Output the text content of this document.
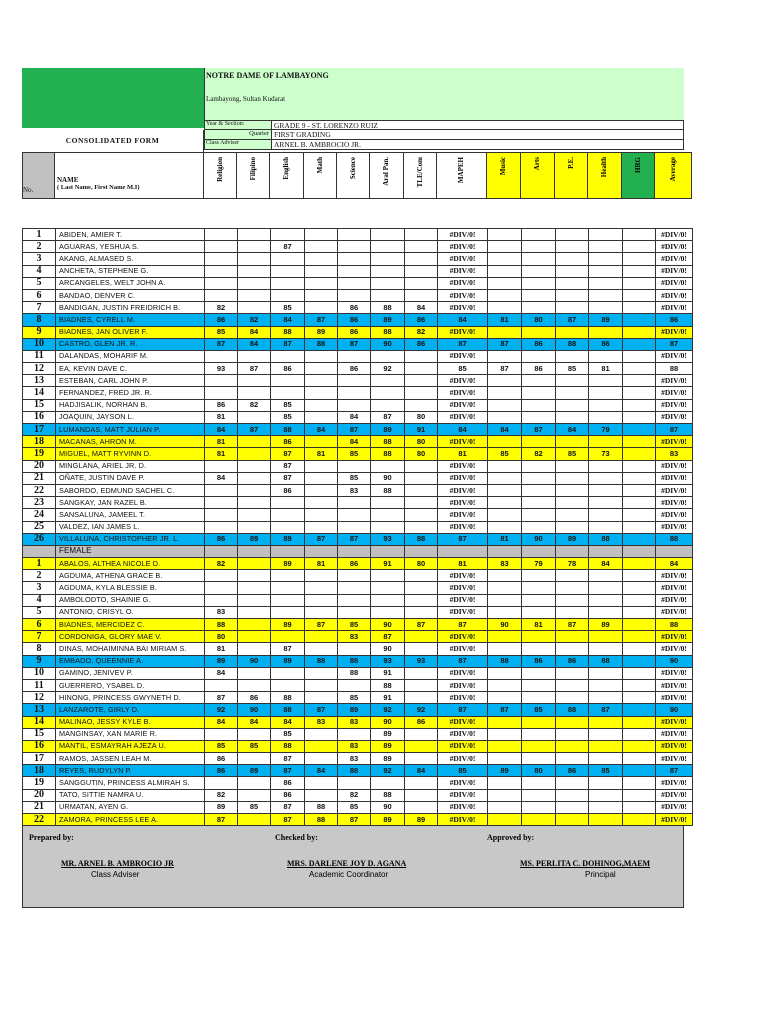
NOTRE DAME OF LAMBAYONG
Lambayong, Sultan Kudarat
Year & Section:	GRADE 9 - ST. LORENZO RUIZ
Quarter FIRST GRADING
Class Adviser	ARNEL B. AMBROCIO JR.
CONSOLIDATED FORM
No.
NAME
( Last Name, First Name M.I)
Religion	Filipino	English	Math	Science	Aral Pan.	TLE/Com	MAPEH	Music	Arts	P.E.	Health	HRG	Average
1	ABIDEN, AMIER T.								#DIV/0!						#DIV/0!
2	AGUARAS, YESHUA S.			87					#DIV/0!						#DIV/0!
3	AKANG, ALMASED S.								#DIV/0!						#DIV/0!
4	ANCHETA, STEPHENE G.								#DIV/0!						#DIV/0!
5	ARCANGELES, WELT JOHN A.								#DIV/0!						#DIV/0!
6	BANDAO, DENVER C.								#DIV/0!						#DIV/0!
7	BANDIGAN, JUSTIN FREIDRICH B.	82		85		86	88	84	#DIV/0!						#DIV/0!
8	BIADNES, CYRELL M.	86	82	84	87	86	89	86	84	81	80	87	89		86
9	BIADNES, JAN OLIVER F.	85	84	88	89	86	88	82	#DIV/0!						#DIV/0!
10	CASTRO, GLEN JR. R.	87	84	87	88	87	90	86	87	87	86	88	86		87
11	DALANDAS, MOHARIF M.								#DIV/0!						#DIV/0!
12	EA, KEVIN DAVE C.	93	87	86		86	92		85	87	86	85	81		88
13	ESTEBAN, CARL JOHN P.								#DIV/0!						#DIV/0!
14	FERNANDEZ, FRED JR. R.								#DIV/0!						#DIV/0!
15	HADJISALIK, NORHAN B.	86	82	85					#DIV/0!						#DIV/0!
16	JOAQUIN, JAYSON L.	81		85		84	87	80	#DIV/0!						#DIV/0!
17	LUMANDAS, MATT JULIAN P.	84	87	88	84	87	89	91	84	84	87	84	79		87
18	MACANAS, AHRON M.	81		86		84	88	80	#DIV/0!						#DIV/0!
19	MIGUEL, MATT RYVINN D.	81		87	81	85	88	80	81	85	82	85	73		83
20	MINGLANA, ARIEL JR. D.			87					#DIV/0!						#DIV/0!
21	OÑATE, JUSTIN DAVE P.	84		87		85	90		#DIV/0!						#DIV/0!
22	SABORDO, EDMUND SACHEL C.			86		83	88		#DIV/0!						#DIV/0!
23	SANGKAY, JAN RAZEL B.								#DIV/0!						#DIV/0!
24	SANSALUNA, JAMEEL T.								#DIV/0!						#DIV/0!
25	VALDEZ, IAN JAMES L.								#DIV/0!						#DIV/0!
26	VILLALUNA, CHRISTOPHER JR. L.	86	89	89	87	87	93	88	87	81	90	89	88		88
	FEMALE														
1	ABALOS, ALTHEA NICOLE D.	82		89	81	86	91	80	81	83	79	78	84		84
2	AGDUMA, ATHENA GRACE B.								#DIV/0!						#DIV/0!
3	AGDUMA, KYLA BLESSIE B.								#DIV/0!						#DIV/0!
4	AMBOLODTO, SHAINIE G.								#DIV/0!						#DIV/0!
5	ANTONIO, CRISYL O.	83							#DIV/0!						#DIV/0!
6	BIADNES, MERCIDEZ C.	88		89	87	85	90	87	87	90	81	87	89		88
7	CORDONIGA, GLORY MAE V.	80				83	87		#DIV/0!						#DIV/0!
8	DINAS, MOHAIMINNA BAI MIRIAM S.	81		87			90		#DIV/0!						#DIV/0!
9	EMBADO, QUEENNIE A.	89	90	89	88	88	93	93	87	88	86	86	88		90
10	GAMINO, JENIVEV P.	84				88	91		#DIV/0!						#DIV/0!
11	GUERRERO, YSABEL D.						88		#DIV/0!						#DIV/0!
12	HINONG, PRINCESS GWYNETH D.	87	86	88		85	91		#DIV/0!						#DIV/0!
13	LANZAROTE, GIRLY D.	92	90	88	87	89	92	92	87	87	85	88	87		90
14	MALINAO, JESSY KYLE B.	84	84	84	83	83	90	86	#DIV/0!						#DIV/0!
15	MANGINSAY, XAN MARIE R.			85			89		#DIV/0!						#DIV/0!
16	MANTIL, ESMAYRAH AJEZA U.	85	85	88		83	89		#DIV/0!						#DIV/0!
17	RAMOS, JASSEN LEAH M.	86		87		83	89		#DIV/0!						#DIV/0!
18	REYES, RUDYLYN P.	86	89	87	84	88	92	84	85	89	80	86	85		87
19	SANGGUTIN, PRINCESS ALMIRAH S.			86					#DIV/0!						#DIV/0!
20	TATO, SITTIE NAMRA U.	82		86		82	88		#DIV/0!						#DIV/0!
21	URMATAN, AYEN G.	89	85	87	88	85	90		#DIV/0!						#DIV/0!
22	ZAMORA, PRINCESS LEE A.	87		87	88	87	89	89	#DIV/0!						#DIV/0!
Prepared by:	Checked by:	Approved by:
MR. ARNEL B. AMBROCIO JR
Class Adviser
MRS. DARLENE JOY D. AGANA
Academic Coordinator
MS. PERLITA C. DOHINOG,MAEM
Principal
